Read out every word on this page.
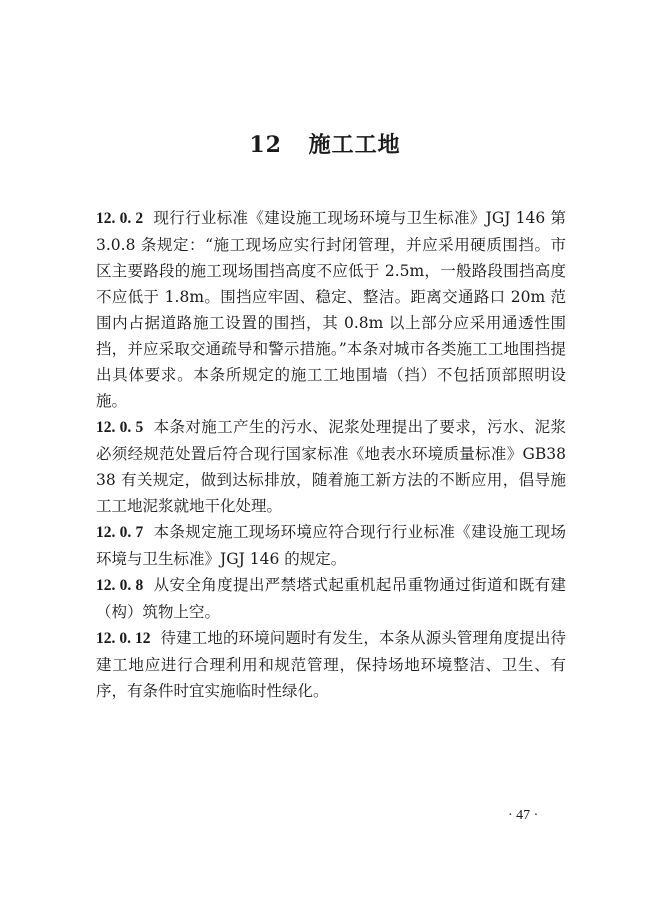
12 施工工地

12. 0. 2 现行行业标准《建设施工现场环境与卫生标准》JGJ 146 第 3.0.8 条规定：“施工现场应实行封闭管理，并应采用硬质围挡。市区主要路段的施工现场围挡高度不应低于 2.5m，一般路段围挡高度不应低于 1.8m。围挡应牢固、稳定、整洁。距离交通路口 20m 范围内占据道路施工设置的围挡，其 0.8m 以上部分应采用通透性围挡，并应采取交通疏导和警示措施。”本条对城市各类施工工地围挡提出具体要求。本条所规定的施工工地围墙（挡）不包括顶部照明设施。

12. 0. 5 本条对施工产生的污水、泥浆处理提出了要求，污水、泥浆必须经规范处置后符合现行国家标准《地表水环境质量标准》GB3838 有关规定，做到达标排放，随着施工新方法的不断应用，倡导施工工地泥浆就地干化处理。

12. 0. 7 本条规定施工现场环境应符合现行行业标准《建设施工现场环境与卫生标准》JGJ 146 的规定。

12. 0. 8 从安全角度提出严禁塔式起重机起吊重物通过街道和既有建（构）筑物上空。

12. 0. 12 待建工地的环境问题时有发生，本条从源头管理角度提出待建工地应进行合理利用和规范管理，保持场地环境整洁、卫生、有序，有条件时宜实施临时性绿化。

· 47 ·
